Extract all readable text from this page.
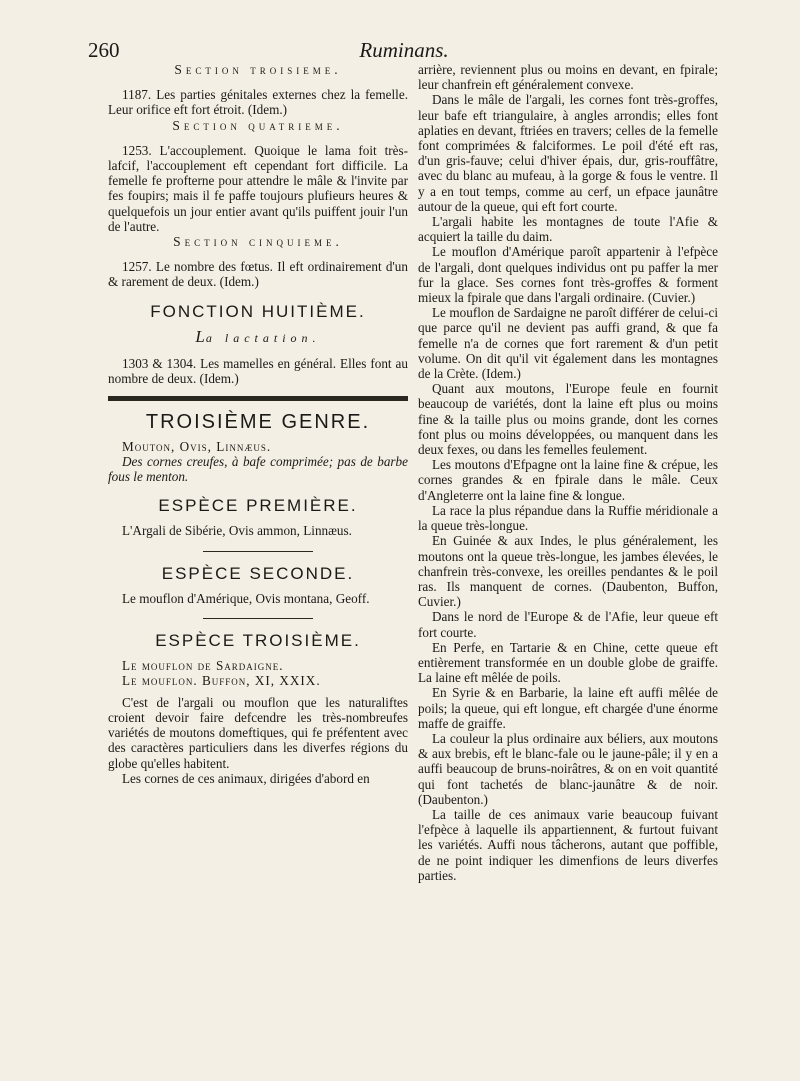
260	Ruminans.
Section troisieme.

1187. Les parties génitales externes chez la femelle. Leur orifice eft fort étroit. (Idem.)

Section quatrieme.

1253. L'accouplement. Quoique le lama foit très-lafcif, l'accouplement eft cependant fort difficile. La femelle fe profterne pour attendre le mâle & l'invite par fes foupirs; mais il fe paffe toujours plufieurs heures & quelquefois un jour entier avant qu'ils puiffent jouir l'un de l'autre.

Section cinquieme.

1257. Le nombre des fœtus. Il eft ordinairement d'un & rarement de deux. (Idem.)

FONCTION HUITIÈME.
La lactation.

1303 & 1304. Les mamelles en général. Elles font au nombre de deux. (Idem.)

TROISIÈME GENRE.

Mouton, Ovis, Linnæus.

Des cornes creufes, à bafe comprimée; pas de barbe fous le menton.

ESPÈCE PREMIÈRE.

L'Argali de Sibérie, Ovis ammon, Linnæus.

ESPÈCE SECONDE.

Le mouflon d'Amérique, Ovis montana, Geoff.

ESPÈCE TROISIÈME.

Le mouflon de Sardaigne.

Le mouflon. Buffon, XI, XXIX.

C'est de l'argali ou mouflon que les naturaliftes croient devoir faire defcendre les très-nombreufes variétés de moutons domeftiques, qui fe préfentent avec des caractères particuliers dans les diverfes régions du globe qu'elles habitent.

Les cornes de ces animaux, dirigées d'abord en

arrière, reviennent plus ou moins en devant, en fpirale; leur chanfrein eft généralement convexe.

Dans le mâle de l'argali, les cornes font très-groffes, leur bafe eft triangulaire, à angles arrondis; elles font aplaties en devant, ftriées en travers; celles de la femelle font comprimées & falciformes. Le poil d'été eft ras, d'un gris-fauve; celui d'hiver épais, dur, gris-rouffâtre, avec du blanc au mufeau, à la gorge & fous le ventre. Il y a en tout temps, comme au cerf, un efpace jaunâtre autour de la queue, qui eft fort courte.

L'argali habite les montagnes de toute l'Afie & acquiert la taille du daim.

Le mouflon d'Amérique paroît appartenir à l'efpèce de l'argali, dont quelques individus ont pu paffer la mer fur la glace. Ses cornes font très-groffes & forment mieux la fpirale que dans l'argali ordinaire. (Cuvier.)

Le mouflon de Sardaigne ne paroît différer de celui-ci que parce qu'il ne devient pas auffi grand, & que fa femelle n'a de cornes que fort rarement & d'un petit volume. On dit qu'il vit également dans les montagnes de la Crète. (Idem.)

Quant aux moutons, l'Europe feule en fournit beaucoup de variétés, dont la laine eft plus ou moins fine & la taille plus ou moins grande, dont les cornes font plus ou moins développées, ou manquent dans les deux fexes, ou dans les femelles feulement.

Les moutons d'Efpagne ont la laine fine & crépue, les cornes grandes & en fpirale dans le mâle. Ceux d'Angleterre ont la laine fine & longue.

La race la plus répandue dans la Ruffie méridionale a la queue très-longue.

En Guinée & aux Indes, le plus généralement, les moutons ont la queue très-longue, les jambes élevées, le chanfrein très-convexe, les oreilles pendantes & le poil ras. Ils manquent de cornes. (Daubenton, Buffon, Cuvier.)

Dans le nord de l'Europe & de l'Afie, leur queue eft fort courte.

En Perfe, en Tartarie & en Chine, cette queue eft entièrement transformée en un double globe de graiffe. La laine eft mêlée de poils.

En Syrie & en Barbarie, la laine eft auffi mêlée de poils; la queue, qui eft longue, eft chargée d'une énorme maffe de graiffe.

La couleur la plus ordinaire aux béliers, aux moutons & aux brebis, eft le blanc-fale ou le jaune-pâle; il y en a auffi beaucoup de bruns-noirâtres, & on en voit quantité qui font tachetés de blanc-jaunâtre & de noir. (Daubenton.)

La taille de ces animaux varie beaucoup fuivant l'efpèce à laquelle ils appartiennent, & furtout fuivant les variétés. Auffi nous tâcherons, autant que poffible, de ne point indiquer les dimenfions de leurs diverfes parties.
